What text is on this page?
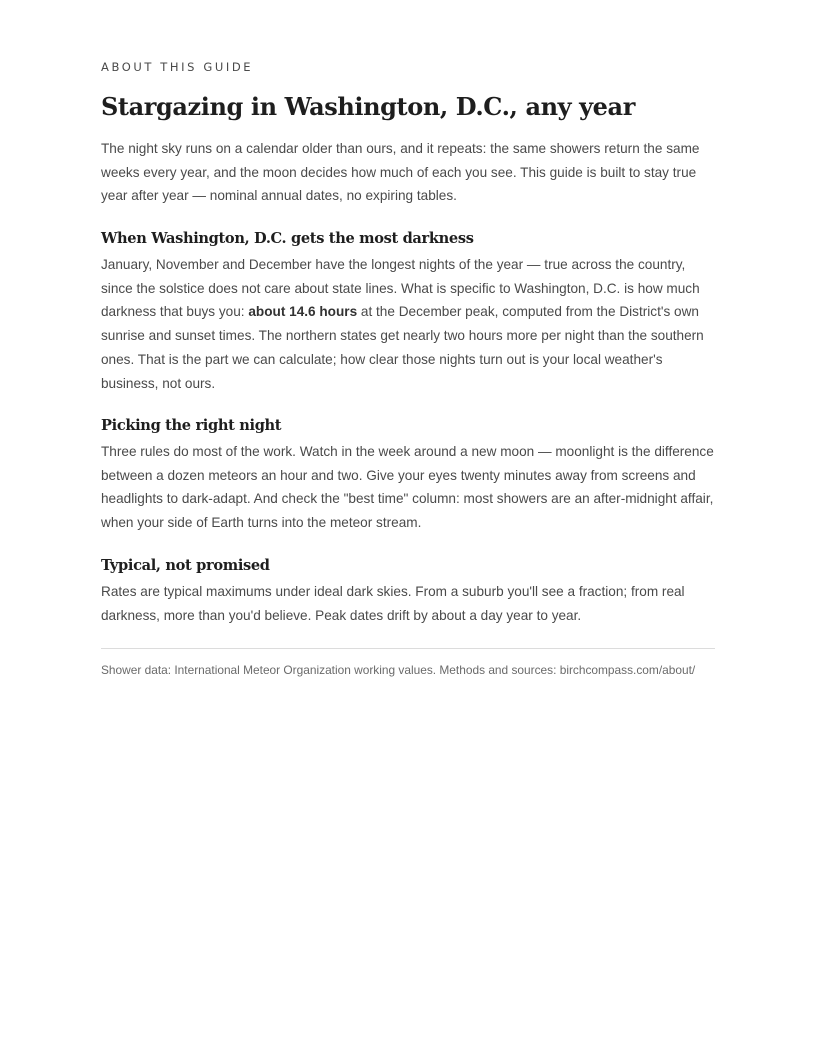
ABOUT THIS GUIDE

Stargazing in Washington, D.C., any year

The night sky runs on a calendar older than ours, and it repeats: the same showers return the same weeks every year, and the moon decides how much of each you see. This guide is built to stay true year after year — nominal annual dates, no expiring tables.

When Washington, D.C. gets the most darkness

January, November and December have the longest nights of the year — true across the country, since the solstice does not care about state lines. What is specific to Washington, D.C. is how much darkness that buys you: about 14.6 hours at the December peak, computed from the District's own sunrise and sunset times. The northern states get nearly two hours more per night than the southern ones. That is the part we can calculate; how clear those nights turn out is your local weather's business, not ours.

Picking the right night

Three rules do most of the work. Watch in the week around a new moon — moonlight is the difference between a dozen meteors an hour and two. Give your eyes twenty minutes away from screens and headlights to dark-adapt. And check the "best time" column: most showers are an after-midnight affair, when your side of Earth turns into the meteor stream.

Typical, not promised

Rates are typical maximums under ideal dark skies. From a suburb you'll see a fraction; from real darkness, more than you'd believe. Peak dates drift by about a day year to year.

Shower data: International Meteor Organization working values. Methods and sources: birchcompass.com/about/
